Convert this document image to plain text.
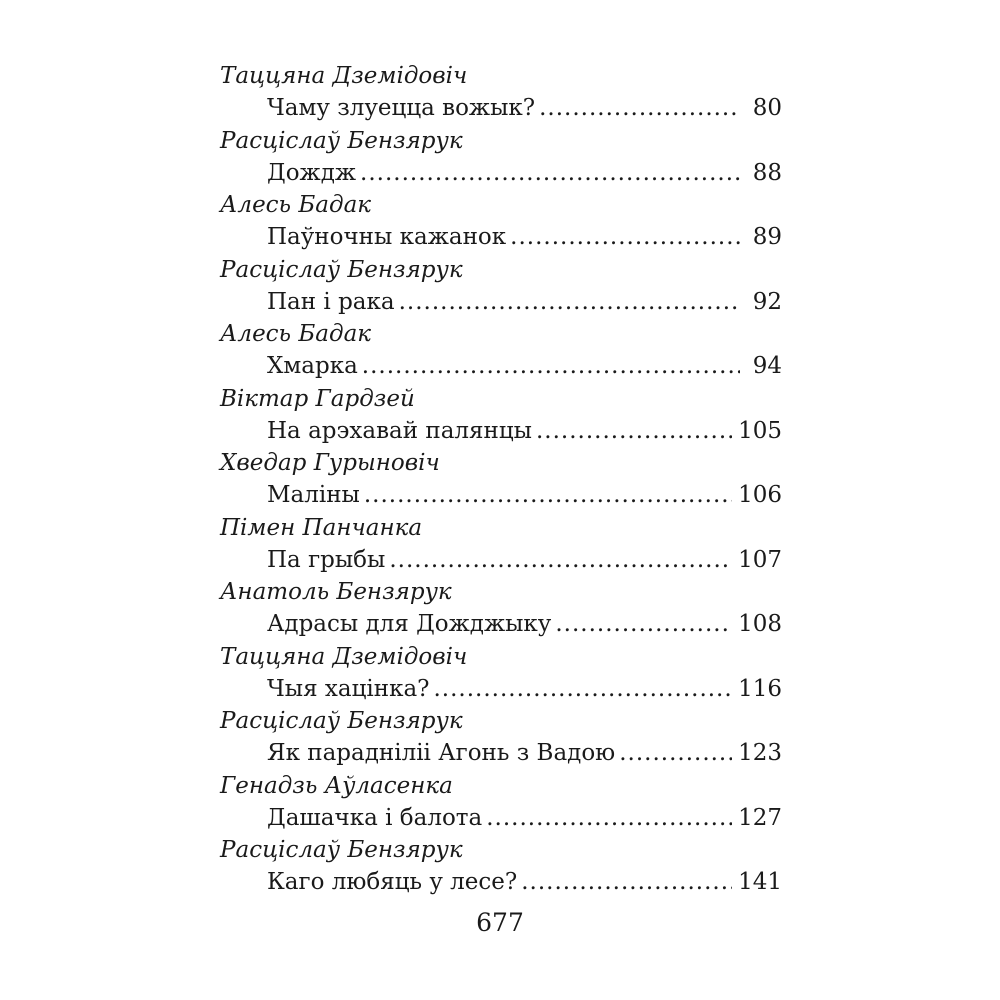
Таццяна Дземідовіч
Чаму злуецца вожык? .....	80
Расціслаў Бензярук
Дождж .....	88
Алесь Бадак
Паўночны кажанок .....	89
Расціслаў Бензярук
Пан і рака .....	92
Алесь Бадак
Хмарка .....	94
Віктар Гардзей
На арэхавай палянцы .....	105
Хведар Гурыновіч
Маліны .....	106
Пімен Панчанка
Па грыбы .....	107
Анатоль Бензярук
Адрасы для Дожджыку .....	108
Таццяна Дземідовіч
Чыя хацінка? .....	116
Расціслаў Бензярук
Як парадніліi Агонь з Вадою .....	123
Генадзь Аўласенка
Дашачка і балота .....	127
Расціслаў Бензярук
Каго любяць у лесе? .....	141
677
